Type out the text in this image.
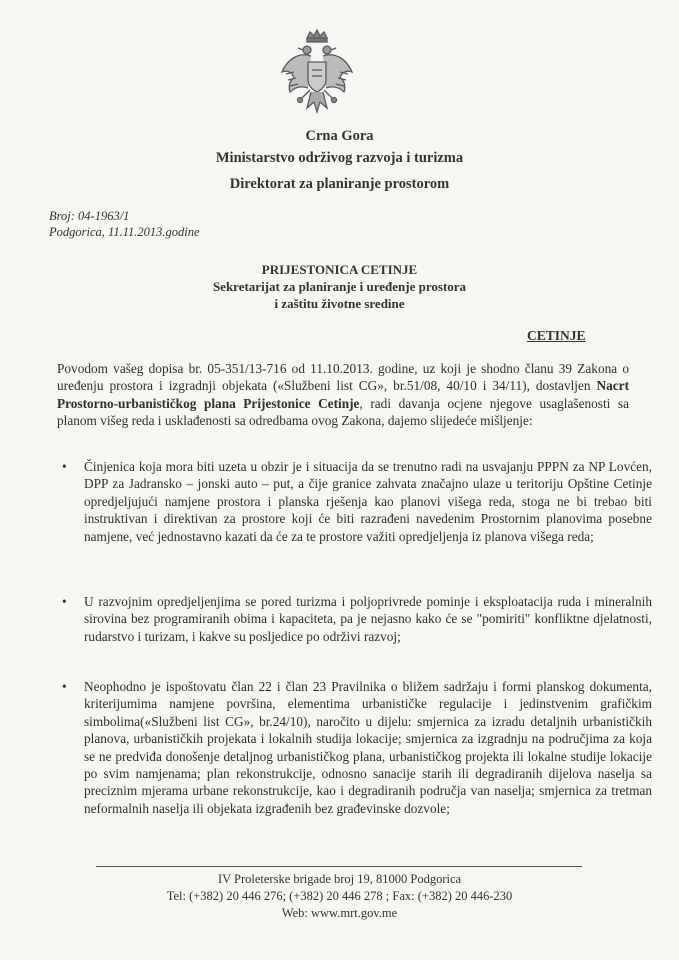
Crna Gora
Ministarstvo održivog razvoja i turizma
Direktorat za planiranje prostorom
Broj: 04-1963/1
Podgorica, 11.11.2013.godine
PRIJESTONICA CETINJE
Sekretarijat za planiranje i uređenje prostora
i zaštitu životne sredine
CETINJE
Povodom vašeg dopisa br. 05-351/13-716 od 11.10.2013. godine, uz koji je shodno članu 39 Zakona o uređenju prostora i izgradnji objekata («Službeni list CG», br.51/08, 40/10 i 34/11), dostavljen Nacrt Prostorno-urbanističkog plana Prijestonice Cetinje, radi davanja ocjene njegove usaglašenosti sa planom višeg reda i usklađenosti sa odredbama ovog Zakona, dajemo slijedeće mišljenje:
• Činjenica koja mora biti uzeta u obzir je i situacija da se trenutno radi na usvajanju PPPN za NP Lovćen, DPP za Jadransko – jonski auto – put, a čije granice zahvata značajno ulaze u teritoriju Opštine Cetinje opredjeljujući namjene prostora i planska rješenja kao planovi višega reda, stoga ne bi trebao biti instruktivan i direktivan za prostore koji će biti razrađeni navedenim Prostornim planovima posebne namjene, već jednostavno kazati da će za te prostore važiti opredjeljenja iz planova višega reda;
• U razvojnim opredjeljenjima se pored turizma i poljoprivrede pominje i eksploatacija ruda i mineralnih sirovina bez programiranih obima i kapaciteta, pa je nejasno kako će se "pomiriti" konfliktne djelatnosti, rudarstvo i turizam, i kakve su posljedice po održivi razvoj;
• Neophodno je ispoštovatu član 22 i član 23 Pravilnika o bližem sadržaju i formi planskog dokumenta, kriterijumima namjene površina, elementima urbanističke regulacije i jedinstvenim grafičkim simbolima(«Službeni list CG», br.24/10), naročito u dijelu: smjernica za izradu detaljnih urbanističkih planova, urbanističkih projekata i lokalnih studija lokacije; smjernica za izgradnju na područjima za koja se ne predviđa donošenje detaljnog urbanističkog plana, urbanističkog projekta ili lokalne studije lokacije po svim namjenama; plan rekonstrukcije, odnosno sanacije starih ili degradiranih dijelova naselja sa preciznim mjerama urbane rekonstrukcije, kao i degradiranih područja van naselja; smjernica za tretman neformalnih naselja ili objekata izgrađenih bez građevinske dozvole;
IV Proleterske brigade broj 19, 81000 Podgorica
Tel: (+382) 20 446 276; (+382) 20 446 278 ; Fax: (+382) 20 446-230
Web: www.mrt.gov.me
